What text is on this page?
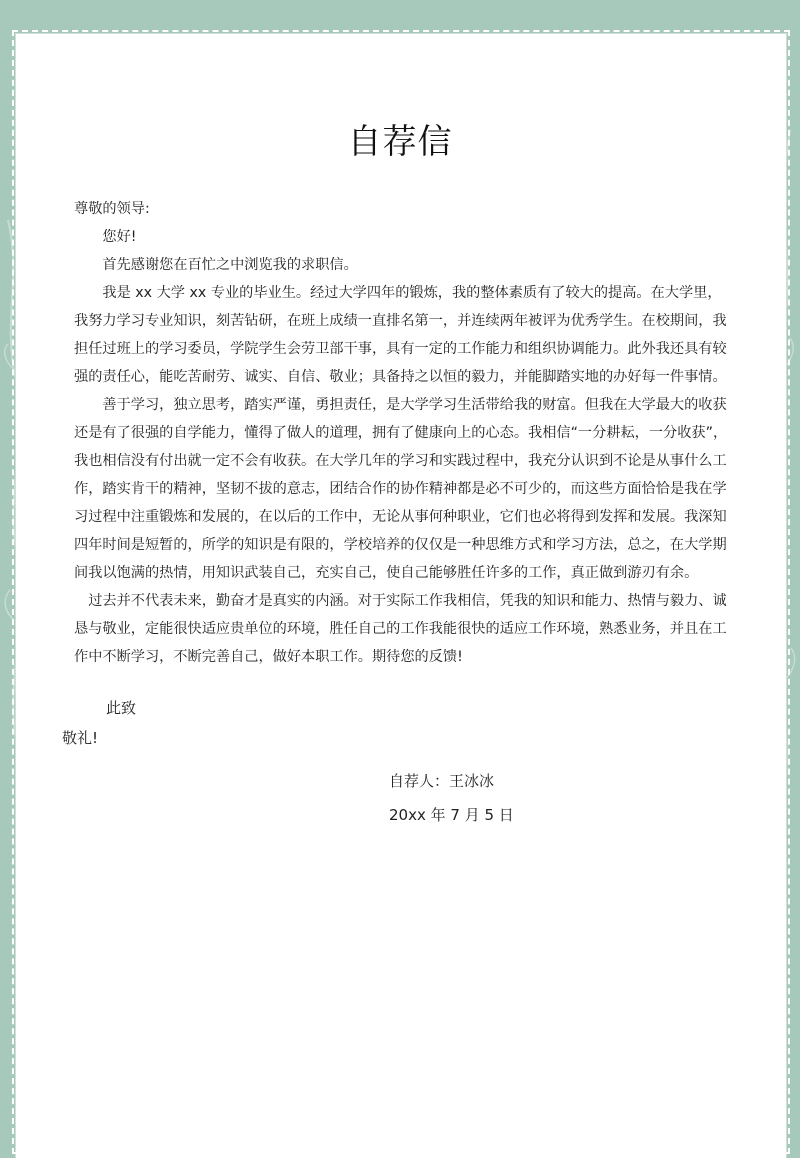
自荐信

尊敬的领导:

您好!

首先感谢您在百忙之中浏览我的求职信。

我是 xx 大学 xx 专业的毕业生。经过大学四年的锻炼，我的整体素质有了较大的提高。在大学里，我努力学习专业知识，刻苦钻研，在班上成绩一直排名第一，并连续两年被评为优秀学生。在校期间，我担任过班上的学习委员，学院学生会劳卫部干事，具有一定的工作能力和组织协调能力。此外我还具有较强的责任心，能吃苦耐劳、诚实、自信、敬业；具备持之以恒的毅力，并能脚踏实地的办好每一件事情。

善于学习，独立思考，踏实严谨，勇担责任，是大学学习生活带给我的财富。但我在大学最大的收获还是有了很强的自学能力，懂得了做人的道理，拥有了健康向上的心态。我相信“一分耕耘，一分收获”，我也相信没有付出就一定不会有收获。在大学几年的学习和实践过程中，我充分认识到不论是从事什么工作，踏实肯干的精神，坚韧不拔的意志，团结合作的协作精神都是必不可少的，而这些方面恰恰是我在学习过程中注重锻炼和发展的，在以后的工作中，无论从事何种职业，它们也必将得到发挥和发展。我深知四年时间是短暂的，所学的知识是有限的，学校培养的仅仅是一种思维方式和学习方法，总之，在大学期间我以饱满的热情，用知识武装自己，充实自己，使自己能够胜任许多的工作，真正做到游刃有余。

过去并不代表未来，勤奋才是真实的内涵。对于实际工作我相信，凭我的知识和能力、热情与毅力、诚恳与敬业，定能很快适应贵单位的环境，胜任自己的工作我能很快的适应工作环境，熟悉业务，并且在工作中不断学习，不断完善自己，做好本职工作。期待您的反馈!

此致
敬礼!
自荐人：王冰冰
20xx 年 7 月 5 日
